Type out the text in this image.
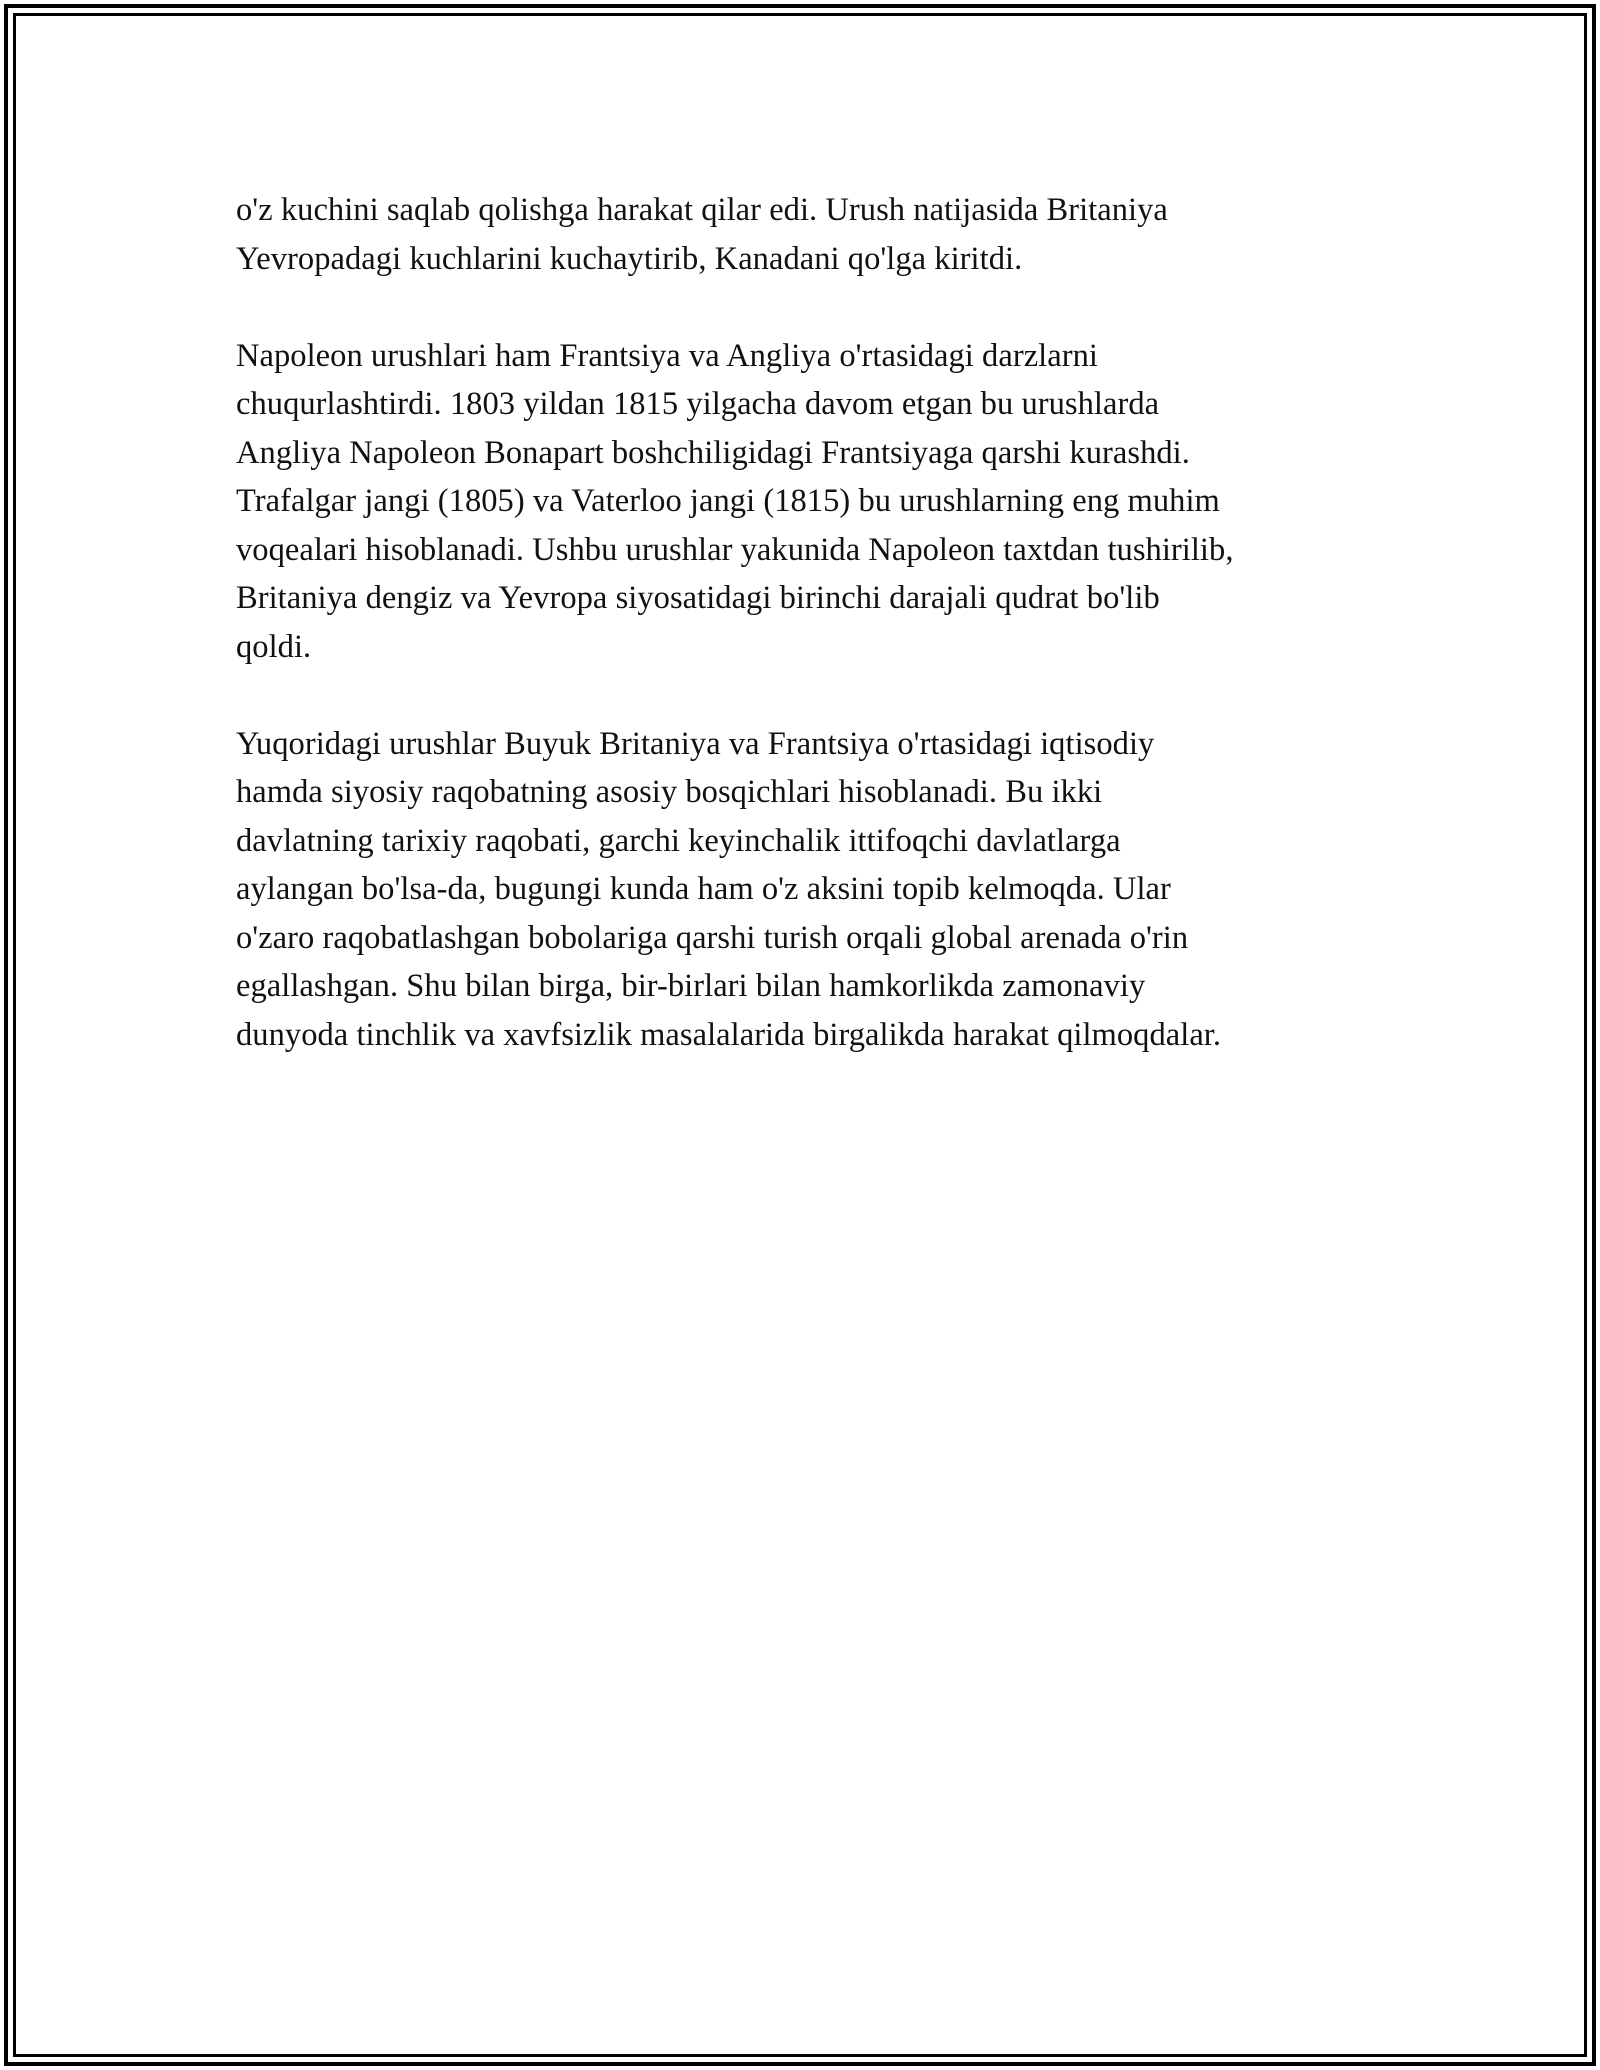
o'z kuchini saqlab qolishga harakat qilar edi. Urush natijasida Britaniya
Yevropadagi kuchlarini kuchaytirib, Kanadani qo'lga kiritdi.

Napoleon urushlari ham Frantsiya va Angliya o'rtasidagi darzlarni
chuqurlashtirdi. 1803 yildan 1815 yilgacha davom etgan bu urushlarda
Angliya Napoleon Bonapart boshchiligidagi Frantsiyaga qarshi kurashdi.
Trafalgar jangi (1805) va Vaterloo jangi (1815) bu urushlarning eng muhim
voqealari hisoblanadi. Ushbu urushlar yakunida Napoleon taxtdan tushirilib,
Britaniya dengiz va Yevropa siyosatidagi birinchi darajali qudrat bo'lib
qoldi.

Yuqoridagi urushlar Buyuk Britaniya va Frantsiya o'rtasidagi iqtisodiy
hamda siyosiy raqobatning asosiy bosqichlari hisoblanadi. Bu ikki
davlatning tarixiy raqobati, garchi keyinchalik ittifoqchi davlatlarga
aylangan bo'lsa-da, bugungi kunda ham o'z aksini topib kelmoqda. Ular
o'zaro raqobatlashgan bobolariga qarshi turish orqali global arenada o'rin
egallashgan. Shu bilan birga, bir-birlari bilan hamkorlikda zamonaviy
dunyoda tinchlik va xavfsizlik masalalarida birgalikda harakat qilmoqdalar.
